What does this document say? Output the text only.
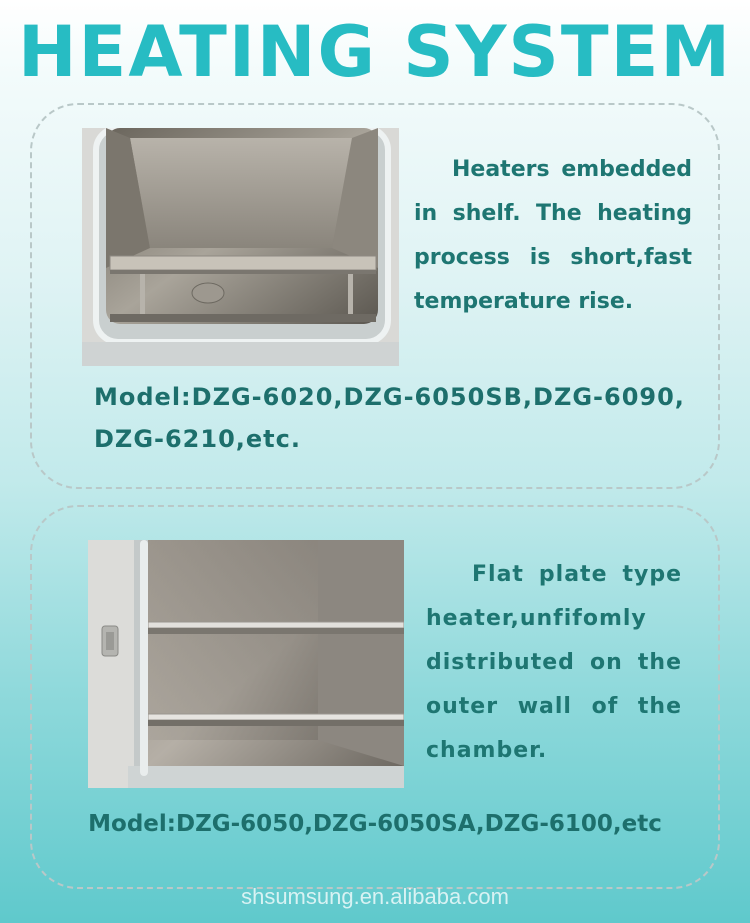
HEATING SYSTEM
Heaters embedded in shelf. The heating process is short,fast temperature rise.
Model:DZG-6020,DZG-6050SB,DZG-6090, DZG-6210,etc.
Flat plate type heater,unfifomly distributed on the outer wall of the chamber.
Model:DZG-6050,DZG-6050SA,DZG-6100,etc
shsumsung.en.alibaba.com
